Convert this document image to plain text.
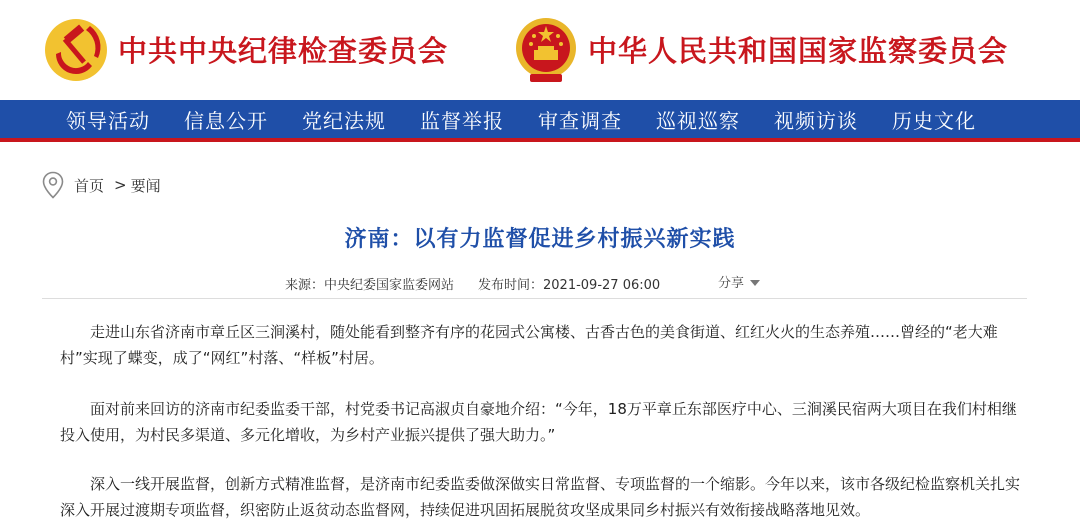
中共中央纪律检查委员会	中华人民共和国国家监察委员会
领导活动 信息公开 党纪法规 监督举报 审查调查 巡视巡察 视频访谈 历史文化
首页 > 要闻
济南：以有力监督促进乡村振兴新实践
来源：中央纪委国家监委网站 发布时间：2021-09-27 06:00	分享

走进山东省济南市章丘区三涧溪村，随处能看到整齐有序的花园式公寓楼、古香古色的美食街道、红红火火的生态养殖……曾经的“老大难村”实现了蝶变，成了“网红”村落、“样板”村居。

面对前来回访的济南市纪委监委干部，村党委书记高淑贞自豪地介绍：“今年，18万平章丘东部医疗中心、三涧溪民宿两大项目在我们村相继投入使用，为村民多渠道、多元化增收，为乡村产业振兴提供了强大助力。”

深入一线开展监督，创新方式精准监督，是济南市纪委监委做深做实日常监督、专项监督的一个缩影。今年以来，该市各级纪检监察机关扎实深入开展过渡期专项监督，织密防止返贫动态监督网，持续促进巩固拓展脱贫攻坚成果同乡村振兴有效衔接战略落地见效。
